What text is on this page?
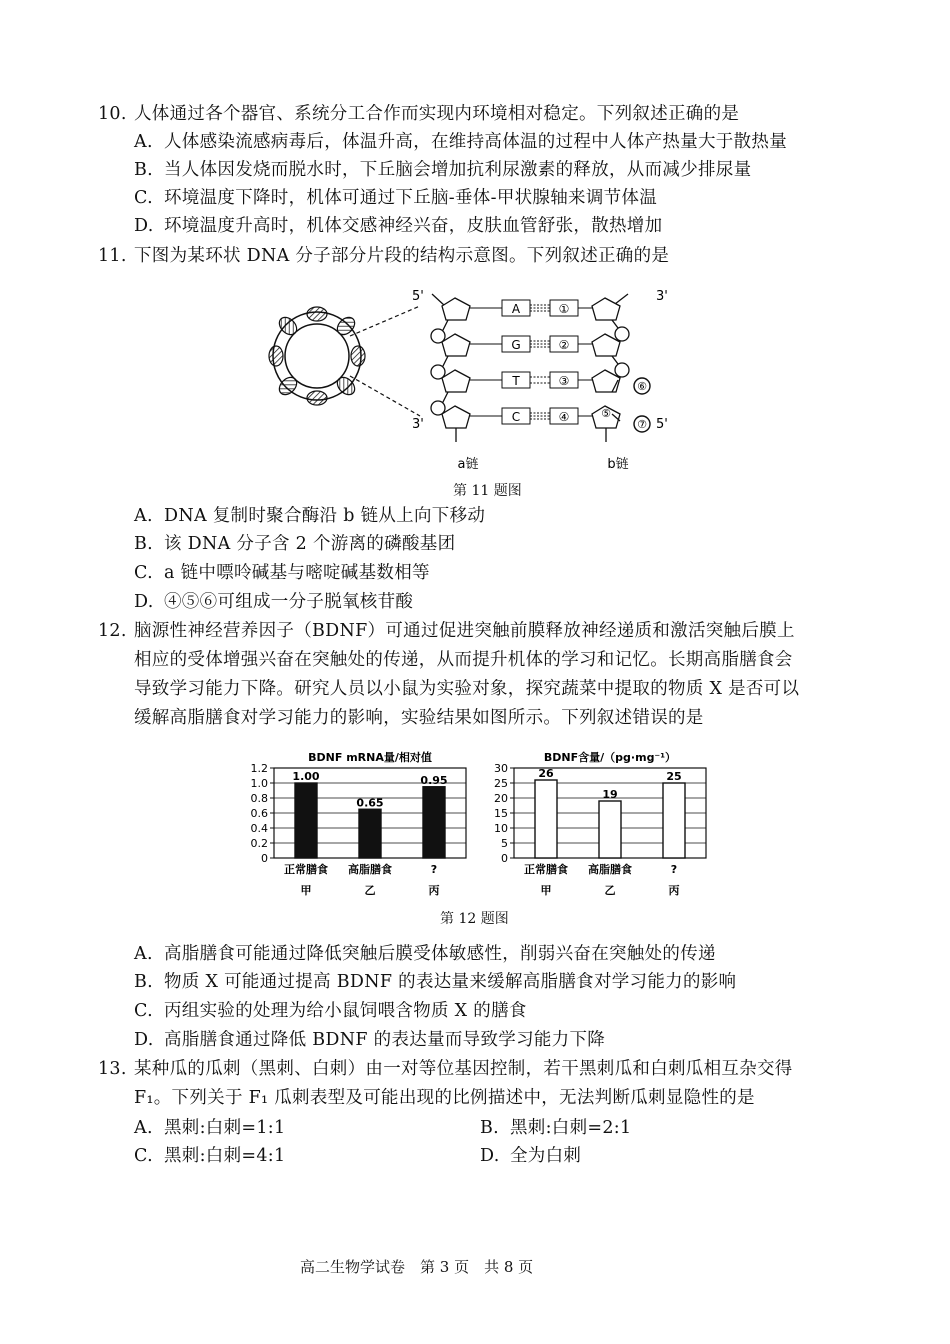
10. 人体通过各个器官、系统分工合作而实现内环境相对稳定。下列叙述正确的是
A. 人体感染流感病毒后，体温升高，在维持高体温的过程中人体产热量大于散热量
B. 当人体因发烧而脱水时，下丘脑会增加抗利尿激素的释放，从而减少排尿量
C. 环境温度下降时，机体可通过下丘脑-垂体-甲状腺轴来调节体温
D. 环境温度升高时，机体交感神经兴奋，皮肤血管舒张，散热增加
11. 下图为某环状 DNA 分子部分片段的结构示意图。下列叙述正确的是
5'
3'
3'
5'
⑥
⑦
⑤
A	①
G	②
T	③
C	④
a链	b链
第 11 题图
A. DNA 复制时聚合酶沿 b 链从上向下移动
B. 该 DNA 分子含 2 个游离的磷酸基团
C. a 链中嘌呤碱基与嘧啶碱基数相等
D. ④⑤⑥可组成一分子脱氧核苷酸
12. 脑源性神经营养因子（BDNF）可通过促进突触前膜释放神经递质和激活突触后膜上
相应的受体增强兴奋在突触处的传递，从而提升机体的学习和记忆。长期高脂膳食会
导致学习能力下降。研究人员以小鼠为实验对象，探究蔬菜中提取的物质 X 是否可以
缓解高脂膳食对学习能力的影响，实验结果如图所示。下列叙述错误的是
BDNF mRNA量/相对值
0
0.2
0.4
0.6
0.8
1.0
1.2
1.00
正常膳食
甲
0.65
高脂膳食
乙
0.95
?
丙
BDNF含量/（pg·mg⁻¹）
0
5
10
15
20
25
30	26
正常膳食
甲
19
高脂膳食
乙
25
?
丙
第 12 题图
A. 高脂膳食可能通过降低突触后膜受体敏感性，削弱兴奋在突触处的传递
B. 物质 X 可能通过提高 BDNF 的表达量来缓解高脂膳食对学习能力的影响
C. 丙组实验的处理为给小鼠饲喂含物质 X 的膳食
D. 高脂膳食通过降低 BDNF 的表达量而导致学习能力下降
13. 某种瓜的瓜刺（黑刺、白刺）由一对等位基因控制，若干黑刺瓜和白刺瓜相互杂交得
F₁。下列关于 F₁ 瓜刺表型及可能出现的比例描述中，无法判断瓜刺显隐性的是
A. 黑刺:白刺=1:1	B. 黑刺:白刺=2:1
C. 黑刺:白刺=4:1	D. 全为白刺
高二生物学试卷　第 3 页　共 8 页
